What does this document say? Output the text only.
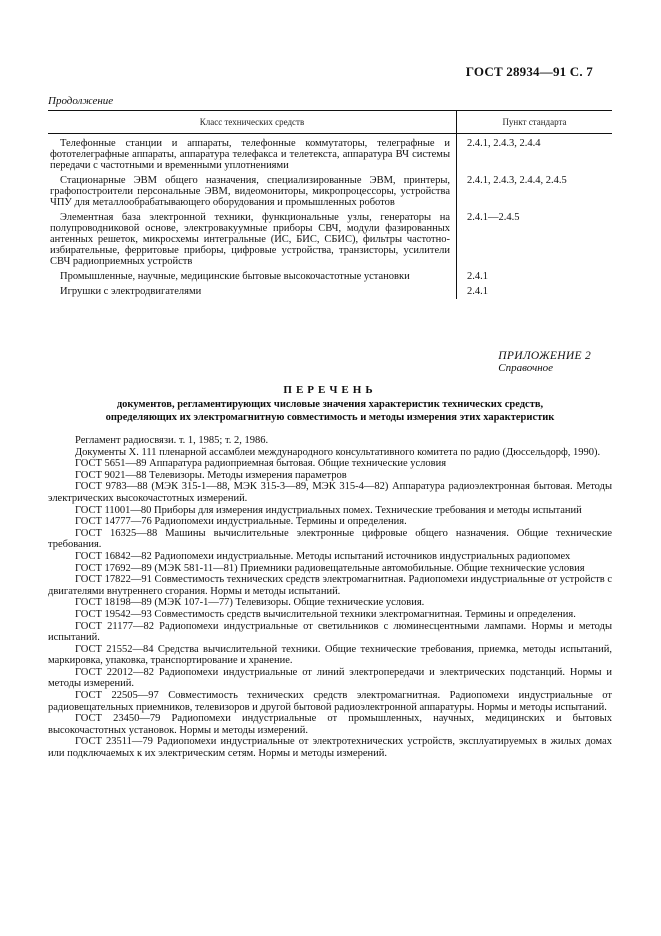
ГОСТ 28934—91 С. 7
Продолжение
Класс технических средств	Пункт стандарта
Телефонные станции и аппараты, телефонные коммутаторы, телеграфные и фототелеграфные аппараты, аппаратура телефакса и телетекста, аппаратура ВЧ системы передачи с частотными и временными уплотнениями	2.4.1, 2.4.3, 2.4.4
Стационарные ЭВМ общего назначения, специализированные ЭВМ, принтеры, графопостроители персональные ЭВМ, видеомониторы, микропроцессоры, устройства ЧПУ для металлообрабатывающего оборудования и промышленных роботов	2.4.1, 2.4.3, 2.4.4, 2.4.5
Элементная база электронной техники, функциональные узлы, генераторы на полупроводниковой основе, электровакуумные приборы СВЧ, модули фазированных антенных решеток, микросхемы интегральные (ИС, БИС, СБИС), фильтры частотно-избирательные, ферритовые приборы, цифровые устройства, транзисторы, усилители СВЧ радиоприемных устройств	2.4.1—2.4.5
Промышленные, научные, медицинские бытовые высокочастотные установки	2.4.1
Игрушки с электродвигателями	2.4.1
ПРИЛОЖЕНИЕ 2
Справочное
ПЕРЕЧЕНЬ
документов, регламентирующих числовые значения характеристик технических средств,
определяющих их электромагнитную совместимость и методы измерения этих характеристик

Регламент радиосвязи. т. 1, 1985; т. 2, 1986.

Документы X. 111 пленарной ассамблеи международного консультативного комитета по радио (Дюссельдорф, 1990).

ГОСТ 5651—89 Аппаратура радиоприемная бытовая. Общие технические условия

ГОСТ 9021—88 Телевизоры. Методы измерения параметров

ГОСТ 9783—88 (МЭК 315-1—88, МЭК 315-3—89, МЭК 315-4—82) Аппаратура радиоэлектронная бытовая. Методы электрических высокочастотных измерений.

ГОСТ 11001—80 Приборы для измерения индустриальных помех. Технические требования и методы испытаний

ГОСТ 14777—76 Радиопомехи индустриальные. Термины и определения.

ГОСТ 16325—88 Машины вычислительные электронные цифровые общего назначения. Общие технические требования.

ГОСТ 16842—82 Радиопомехи индустриальные. Методы испытаний источников индустриальных радиопомех

ГОСТ 17692—89 (МЭК 581-11—81) Приемники радиовещательные автомобильные. Общие технические условия

ГОСТ 17822—91 Совместимость технических средств электромагнитная. Радиопомехи индустриальные от устройств с двигателями внутреннего сгорания. Нормы и методы испытаний.

ГОСТ 18198—89 (МЭК 107-1—77) Телевизоры. Общие технические условия.

ГОСТ 19542—93 Совместимость средств вычислительной техники электромагнитная. Термины и определения.

ГОСТ 21177—82 Радиопомехи индустриальные от светильников с люминесцентными лампами. Нормы и методы испытаний.

ГОСТ 21552—84 Средства вычислительной техники. Общие технические требования, приемка, методы испытаний, маркировка, упаковка, транспортирование и хранение.

ГОСТ 22012—82 Радиопомехи индустриальные от линий электропередачи и электрических подстанций. Нормы и методы измерений.

ГОСТ 22505—97 Совместимость технических средств электромагнитная. Радиопомехи индустриальные от радиовещательных приемников, телевизоров и другой бытовой радиоэлектронной аппаратуры. Нормы и методы испытаний.

ГОСТ 23450—79 Радиопомехи индустриальные от промышленных, научных, медицинских и бытовых высокочастотных установок. Нормы и методы измерений.

ГОСТ 23511—79 Радиопомехи индустриальные от электротехнических устройств, эксплуатируемых в жилых домах или подключаемых к их электрическим сетям. Нормы и методы измерений.
